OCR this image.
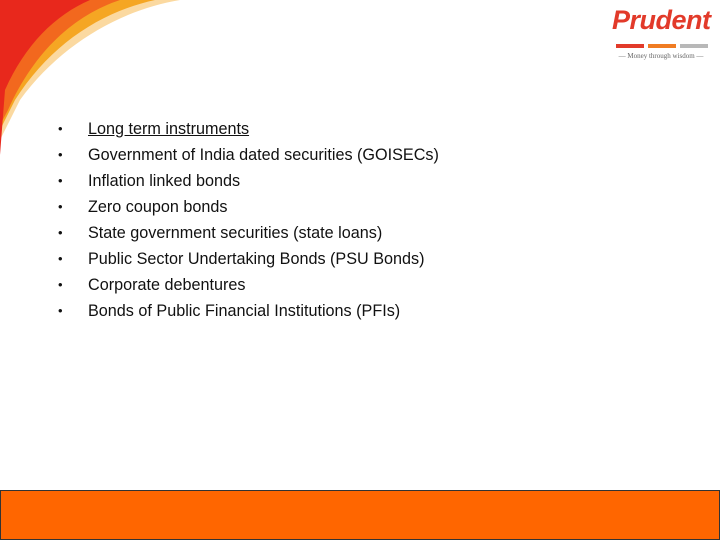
Prudent
— Money through wisdom —
•	Long term instruments
•	Government of India dated securities (GOISECs)
•	Inflation linked bonds
•	Zero coupon bonds
•	State government securities (state loans)
•	Public Sector Undertaking Bonds (PSU Bonds)
•	Corporate debentures
•	Bonds of Public Financial Institutions (PFIs)
